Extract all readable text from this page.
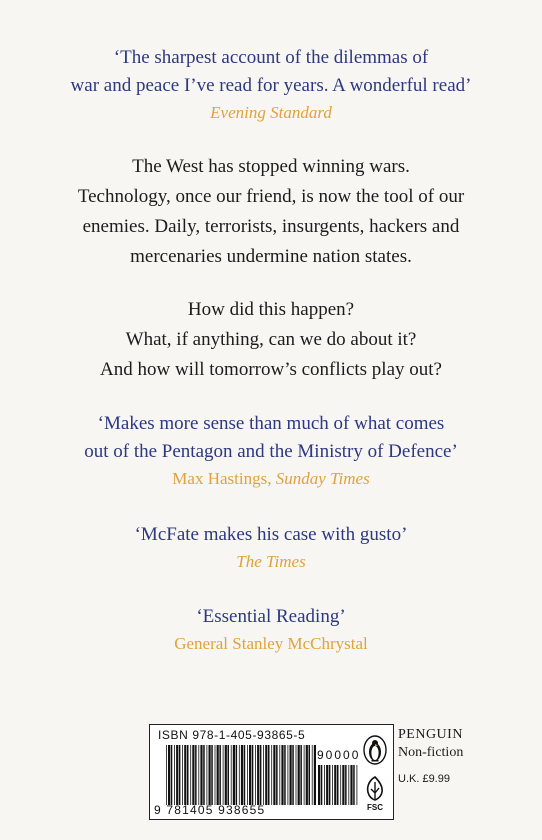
‘The sharpest account of the dilemmas of
war and peace I’ve read for years. A wonderful read’
Evening Standard
The West has stopped winning wars.
Technology, once our friend, is now the tool of our
enemies. Daily, terrorists, insurgents, hackers and
mercenaries undermine nation states.
How did this happen?
What, if anything, can we do about it?
And how will tomorrow’s conflicts play out?
‘Makes more sense than much of what comes
out of the Pentagon and the Ministry of Defence’
Max Hastings, Sunday Times
‘McFate makes his case with gusto’
The Times
‘Essential Reading’
General Stanley McChrystal
ISBN 978-1-405-93865-5
90000
9 781405 938655	FSC
PENGUIN
Non-fiction
U.K. £9.99
